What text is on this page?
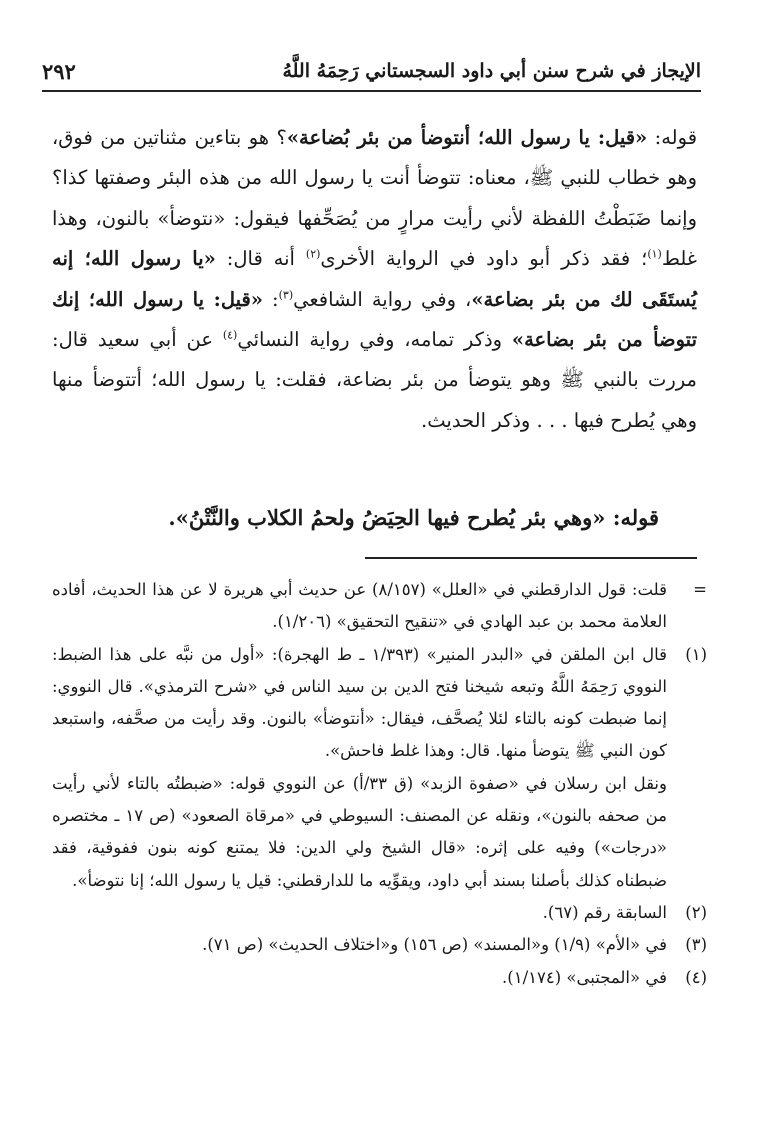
الإيجاز في شرح سنن أبي داود السجستاني رَحِمَهُ اللَّهُ
٢٩٢

قوله: «قيل: يا رسول الله؛ أنتوضأ من بئر بُضاعة»؟ هو بتاءين مثناتين من فوق، وهو خطاب للنبي ﷺ، معناه: تتوضأ أنت يا رسول الله من هذه البئر وصفتها كذا؟ وإنما ضَبَطْتُ اللفظة لأني رأيت مرارٍ من يُصَحِّفها فيقول: «نتوضأ» بالنون، وهذا غلط$^{(١)}$؛ فقد ذكر أبو داود في الرواية الأخرى$^{(٢)}$ أنه قال: «يا رسول الله؛ إنه يُستَقَى لك من بئر بضاعة»، وفي رواية الشافعي$^{(٣)}$: «قيل: يا رسول الله؛ إنك تتوضأ من بئر بضاعة» وذكر تمامه، وفي رواية النسائي$^{(٤)}$ عن أبي سعيد قال: مررت بالنبي ﷺ وهو يتوضأ من بئر بضاعة، فقلت: يا رسول الله؛ أتتوضأ منها وهي يُطرح فيها . . . وذكر الحديث.

قوله: «وهي بئر يُطرح فيها الحِيَضُ ولحمُ الكلاب والنَّتْنُ».
=
قلت: قول الدارقطني في «العلل» (٨/١٥٧) عن حديث أبي هريرة لا عن هذا الحديث، أفاده العلامة محمد بن عبد الهادي في «تنقيح التحقيق» (١/٢٠٦).
(١)
قال ابن الملقن في «البدر المنير» (١/٣٩٣ ـ ط الهجرة): «أول من نبَّه على هذا الضبط: النووي رَحِمَهُ اللَّهُ وتبعه شيخنا فتح الدين بن سيد الناس في «شرح الترمذي». قال النووي: إنما ضبطت كونه بالتاء لئلا يُصحَّف، فيقال: «أنتوضأ» بالنون. وقد رأيت من صحَّفه، واستبعد كون النبي ﷺ يتوضأ منها. قال: وهذا غلط فاحش».
ونقل ابن رسلان في «صفوة الزبد» (ق ٣٣/أ) عن النووي قوله: «ضبطتُه بالتاء لأني رأيت من صحفه بالنون»، ونقله عن المصنف: السيوطي في «مرقاة الصعود» (ص ١٧ ـ مختصره «درجات») وفيه على إثره: «قال الشيخ ولي الدين: فلا يمتنع كونه بنون ففوقية، فقد ضبطناه كذلك بأصلنا بسند أبي داود، ويقوِّيه ما للدارقطني: قيل يا رسول الله؛ إنا نتوضأ».
(٢)
السابقة رقم (٦٧).
(٣)
في «الأم» (١/٩) و«المسند» (ص ١٥٦) و«اختلاف الحديث» (ص ٧١).
(٤)
في «المجتبى» (١/١٧٤).
